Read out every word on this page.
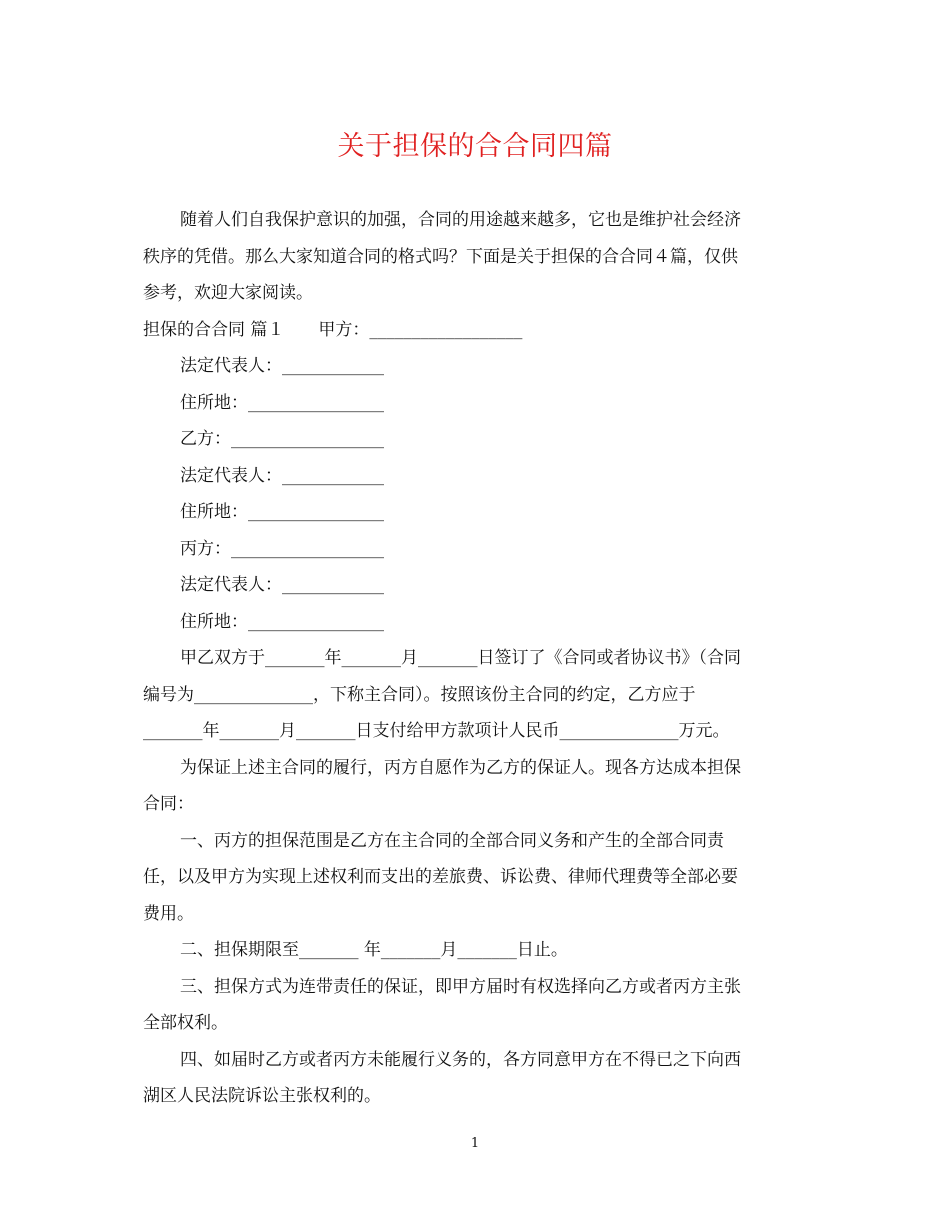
关于担保的合合同四篇

随着人们自我保护意识的加强，合同的用途越来越多，它也是维护社会经济

秩序的凭借。那么大家知道合同的格式吗？下面是关于担保的合合同４篇，仅供

参考，欢迎大家阅读。

担保的合合同 篇１　　甲方：__________________

法定代表人：____________

住所地：________________

乙方：__________________

法定代表人：____________

住所地：________________

丙方：__________________

法定代表人：____________

住所地：________________

甲乙双方于_______年_______月_______日签订了《合同或者协议书》（合同

编号为______________，下称主合同）。按照该份主合同的约定，乙方应于

_______年_______月_______日支付给甲方款项计人民币______________万元。

为保证上述主合同的履行，丙方自愿作为乙方的保证人。现各方达成本担保

合同：

一、丙方的担保范围是乙方在主合同的全部合同义务和产生的全部合同责

任，以及甲方为实现上述权利而支出的差旅费、诉讼费、律师代理费等全部必要

费用。

二、担保期限至_______ 年_______月_______日止。

三、担保方式为连带责任的保证，即甲方届时有权选择向乙方或者丙方主张

全部权利。

四、如届时乙方或者丙方未能履行义务的，各方同意甲方在不得已之下向西

湖区人民法院诉讼主张权利的。

1
